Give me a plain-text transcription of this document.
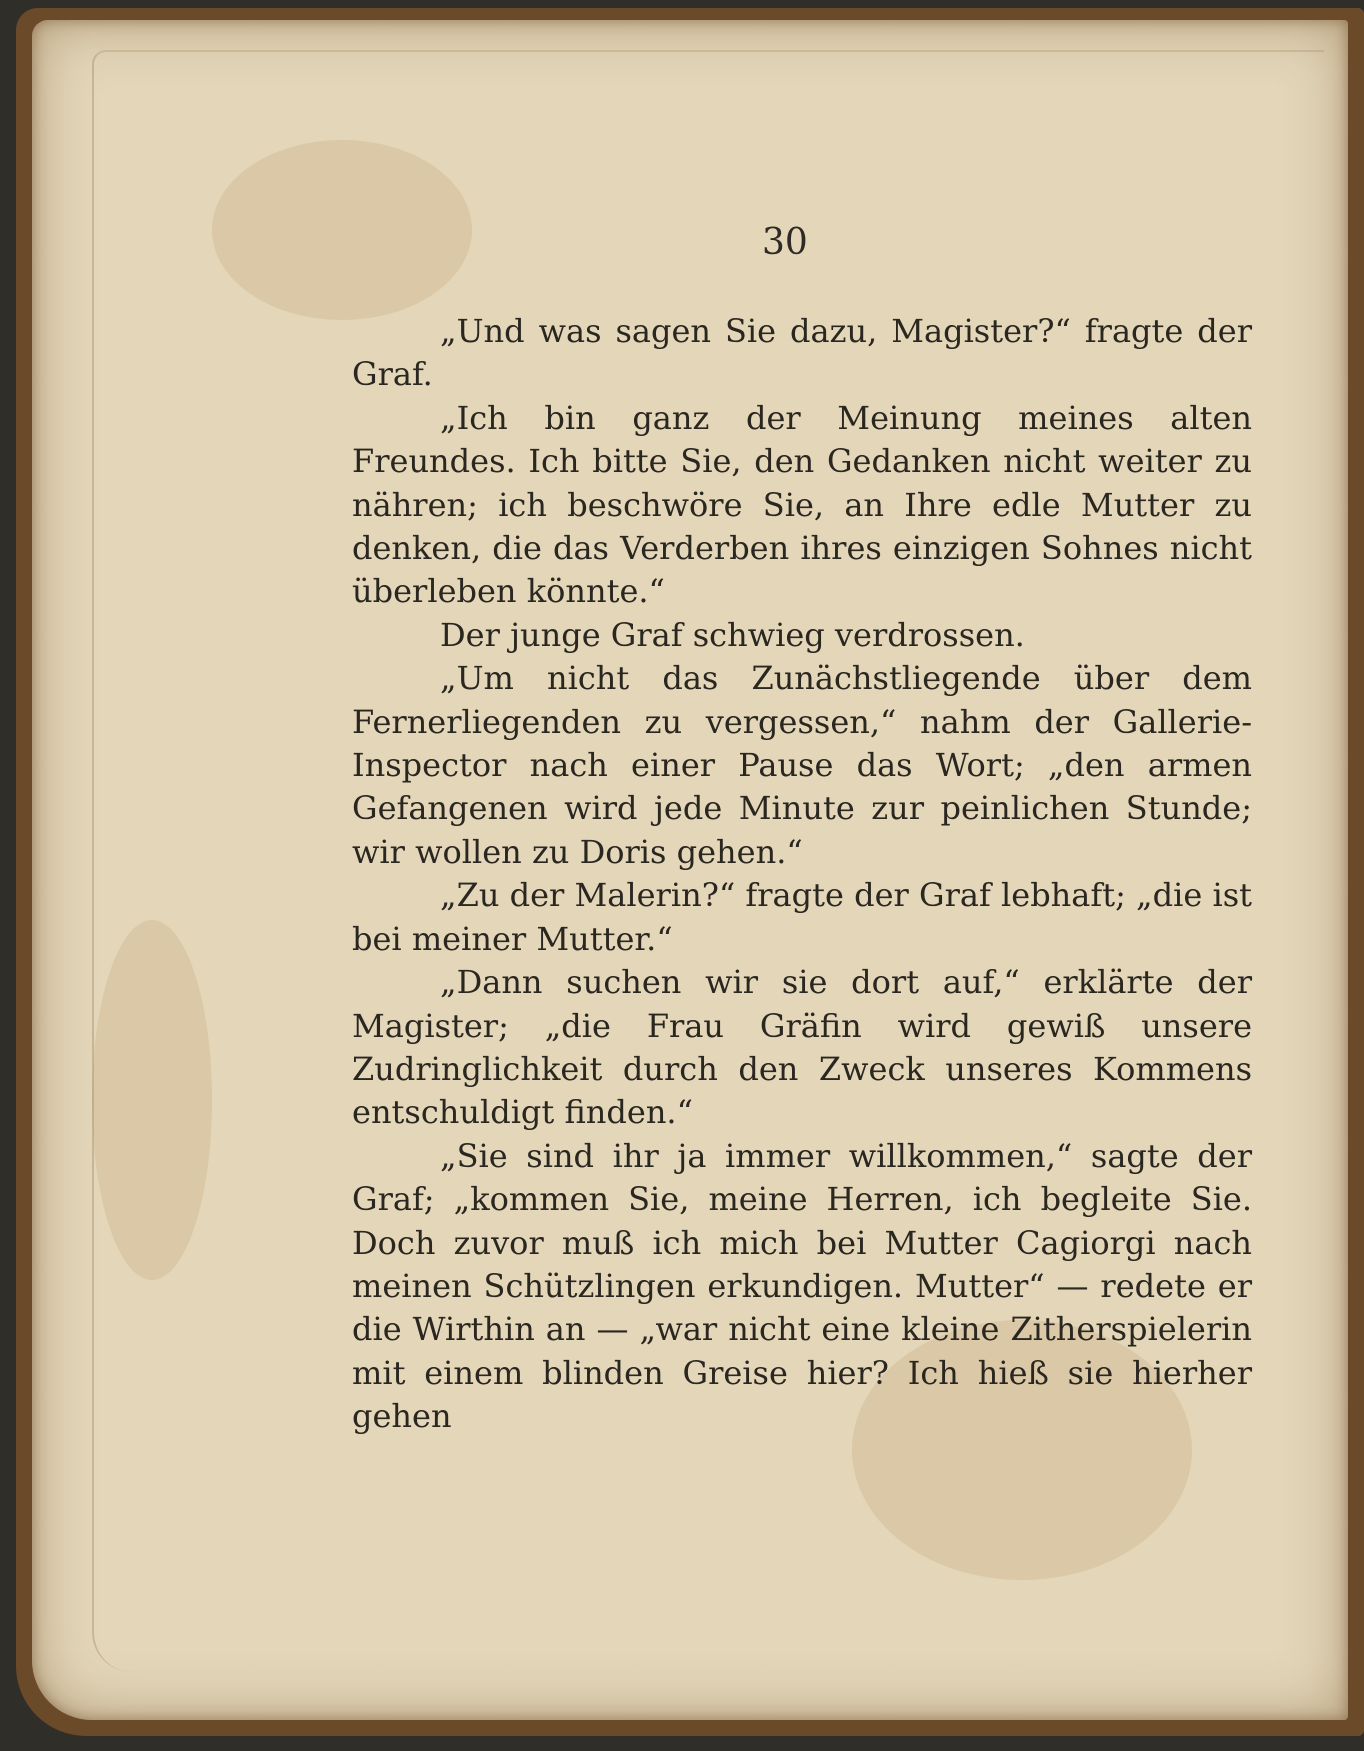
30

„Und was sagen Sie dazu, Magister?“ fragte der Graf.

„Ich bin ganz der Meinung meines alten Freundes. Ich bitte Sie, den Gedanken nicht weiter zu nähren; ich beschwöre Sie, an Ihre edle Mutter zu denken, die das Verderben ihres einzigen Sohnes nicht überleben könnte.“

Der junge Graf schwieg verdrossen.

„Um nicht das Zunächstliegende über dem Fernerliegenden zu vergessen,“ nahm der Gallerie-Inspector nach einer Pause das Wort; „den armen Gefangenen wird jede Minute zur peinlichen Stunde; wir wollen zu Doris gehen.“

„Zu der Malerin?“ fragte der Graf lebhaft; „die ist bei meiner Mutter.“

„Dann suchen wir sie dort auf,“ erklärte der Magister; „die Frau Gräfin wird gewiß unsere Zudringlichkeit durch den Zweck unseres Kommens entschuldigt finden.“

„Sie sind ihr ja immer willkommen,“ sagte der Graf; „kommen Sie, meine Herren, ich begleite Sie. Doch zuvor muß ich mich bei Mutter Cagiorgi nach meinen Schützlingen erkundigen. Mutter“ — redete er die Wirthin an — „war nicht eine kleine Zitherspielerin mit einem blinden Greise hier? Ich hieß sie hierher gehen
